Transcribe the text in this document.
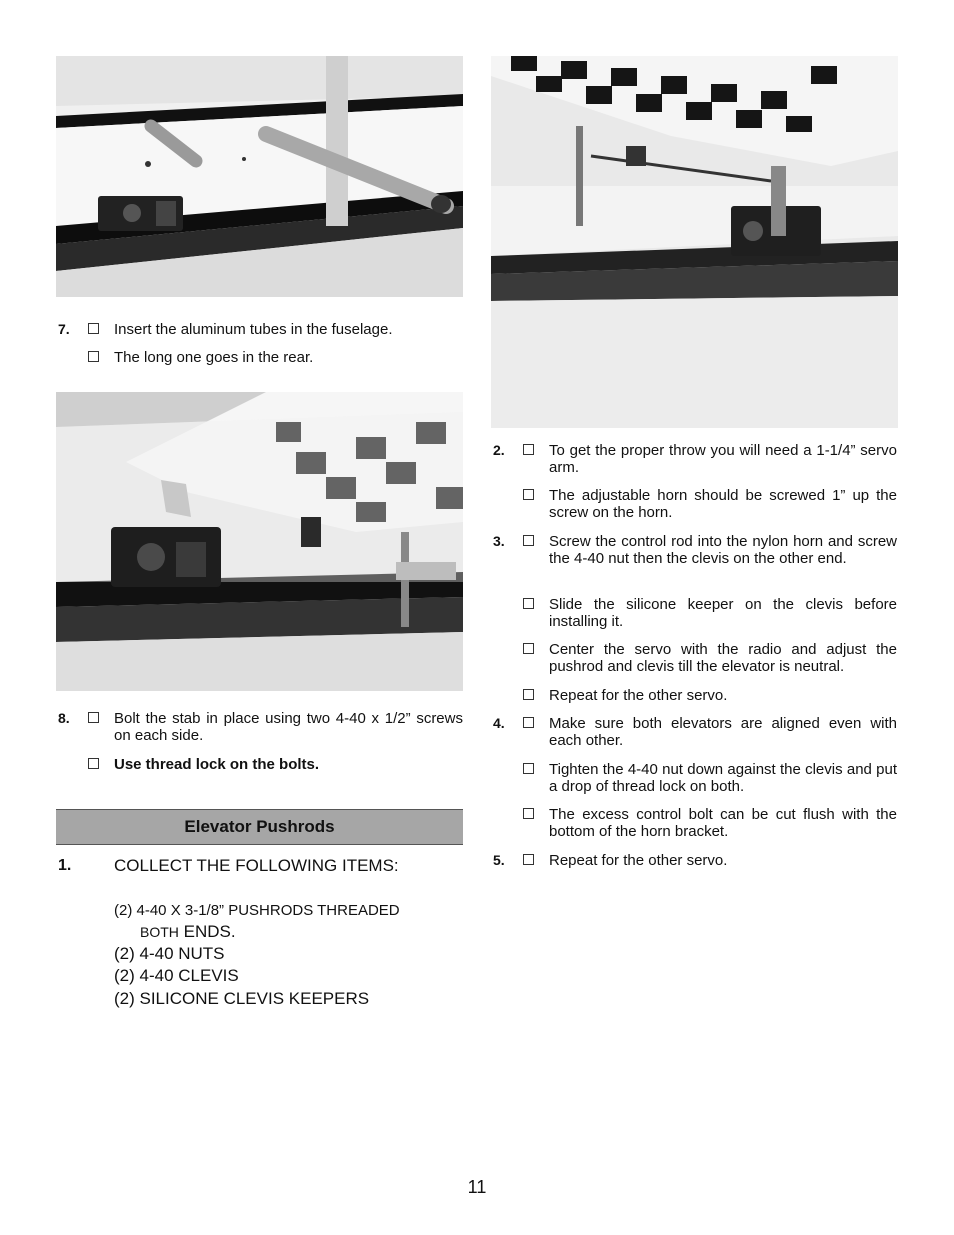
7.	Insert the aluminum tubes in the fuselage.
The long one goes in the rear.
8.	Bolt the stab in place using two 4-40 x 1/2” screws on each side.
Use thread lock on the bolts.
Elevator Pushrods
1.	COLLECT THE FOLLOWING ITEMS:
(2) 4-40 X 3-1/8” PUSHRODS THREADED
BOTH ENDS.
(2) 4-40 NUTS
(2) 4-40 CLEVIS
(2) SILICONE CLEVIS KEEPERS
2.	To get the proper throw you will need a 1-1/4” servo arm.
The adjustable horn should be screwed 1” up the screw on the horn.
3.	Screw the control rod into the nylon horn and screw the 4-40 nut then the clevis on the other end.
Slide the silicone keeper on the clevis before installing it.
Center the servo with the radio and adjust the pushrod and clevis till the elevator is neutral.
Repeat for the other servo.
4.	Make sure both elevators are aligned even with each other.
Tighten the 4-40 nut down against the clevis and put a drop of thread lock on both.
The excess control bolt can be cut flush with the bottom of the horn bracket.
5.	Repeat for the other servo.
11
